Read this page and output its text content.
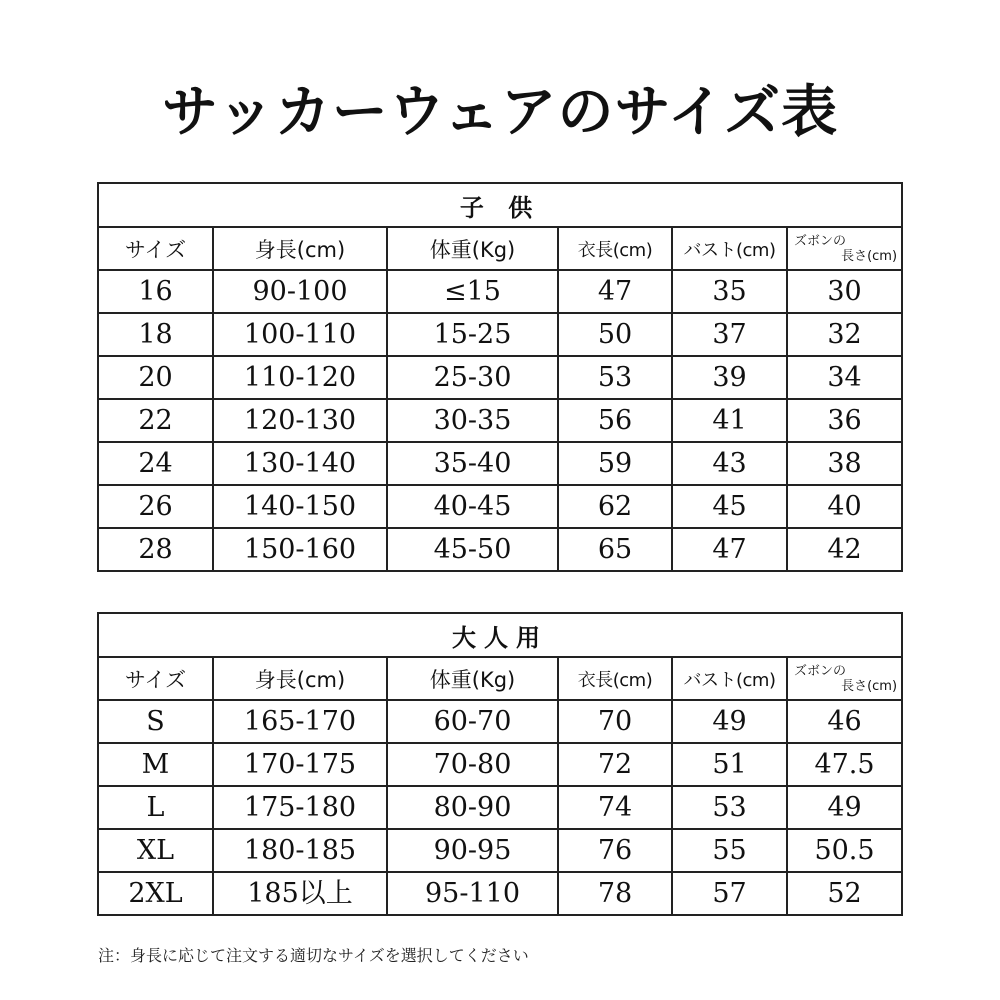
サッカーウェアのサイズ表
子 供					
サイズ	身長(cm)	体重(Kg)	衣長(cm)	バスト(cm)	ズボンの
長さ(cm)

16	90-100	≤15	47	35	30
18	100-110	15-25	50	37	32
20	110-120	25-30	53	39	34
22	120-130	30-35	56	41	36
24	130-140	35-40	59	43	38
26	140-150	40-45	62	45	40
28	150-160	45-50	65	47	42
大人用					
サイズ	身長(cm)	体重(Kg)	衣長(cm)	バスト(cm)	ズボンの
長さ(cm)

S	165-170	60-70	70	49	46
M	170-175	70-80	72	51	47.5
L	175-180	80-90	74	53	49
XL	180-185	90-95	76	55	50.5
2XL	185以上	95-110	78	57	52
注：身長に応じて注文する適切なサイズを選択してください
